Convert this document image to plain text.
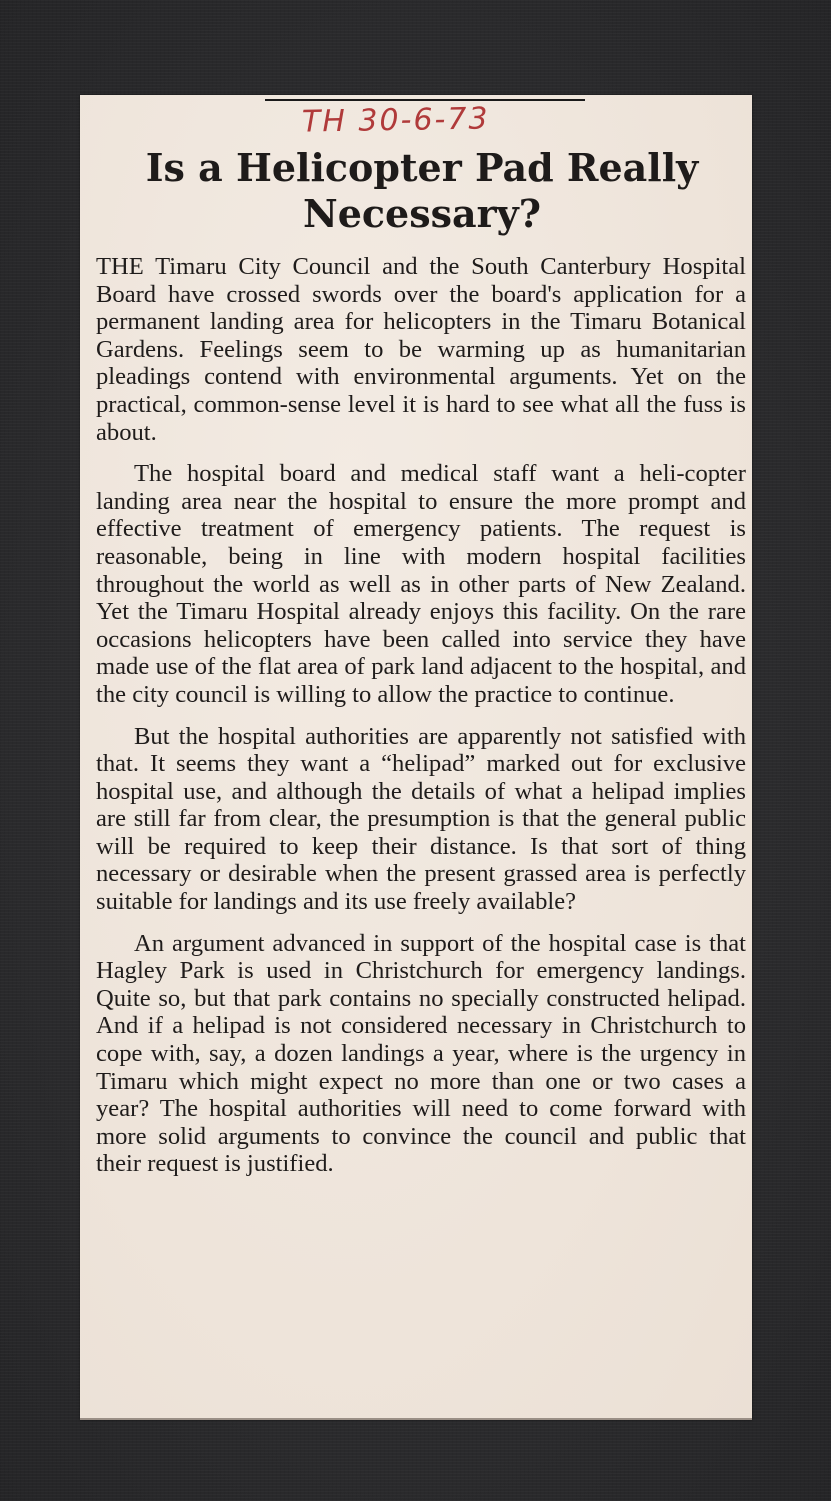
TH 30-6-73
Is a Helicopter Pad Really Necessary?

THE Timaru City Council and the South Canterbury Hospital Board have crossed swords over the board's application for a permanent landing area for helicopters in the Timaru Botanical Gardens. Feelings seem to be warming up as humanitarian pleadings contend with environmental arguments. Yet on the practical, common-sense level it is hard to see what all the fuss is about.

The hospital board and medical staff want a heli-copter landing area near the hospital to ensure the more prompt and effective treatment of emergency patients. The request is reasonable, being in line with modern hospital facilities throughout the world as well as in other parts of New Zealand. Yet the Timaru Hospital already enjoys this facility. On the rare occasions helicopters have been called into service they have made use of the flat area of park land adjacent to the hospital, and the city council is willing to allow the practice to continue.

But the hospital authorities are apparently not satisfied with that. It seems they want a “helipad” marked out for exclusive hospital use, and although the details of what a helipad implies are still far from clear, the presumption is that the general public will be required to keep their distance. Is that sort of thing necessary or desirable when the present grassed area is perfectly suitable for landings and its use freely available?

An argument advanced in support of the hospital case is that Hagley Park is used in Christchurch for emergency landings. Quite so, but that park contains no specially constructed helipad. And if a helipad is not considered necessary in Christchurch to cope with, say, a dozen landings a year, where is the urgency in Timaru which might expect no more than one or two cases a year? The hospital authorities will need to come forward with more solid arguments to convince the council and public that their request is justified.
